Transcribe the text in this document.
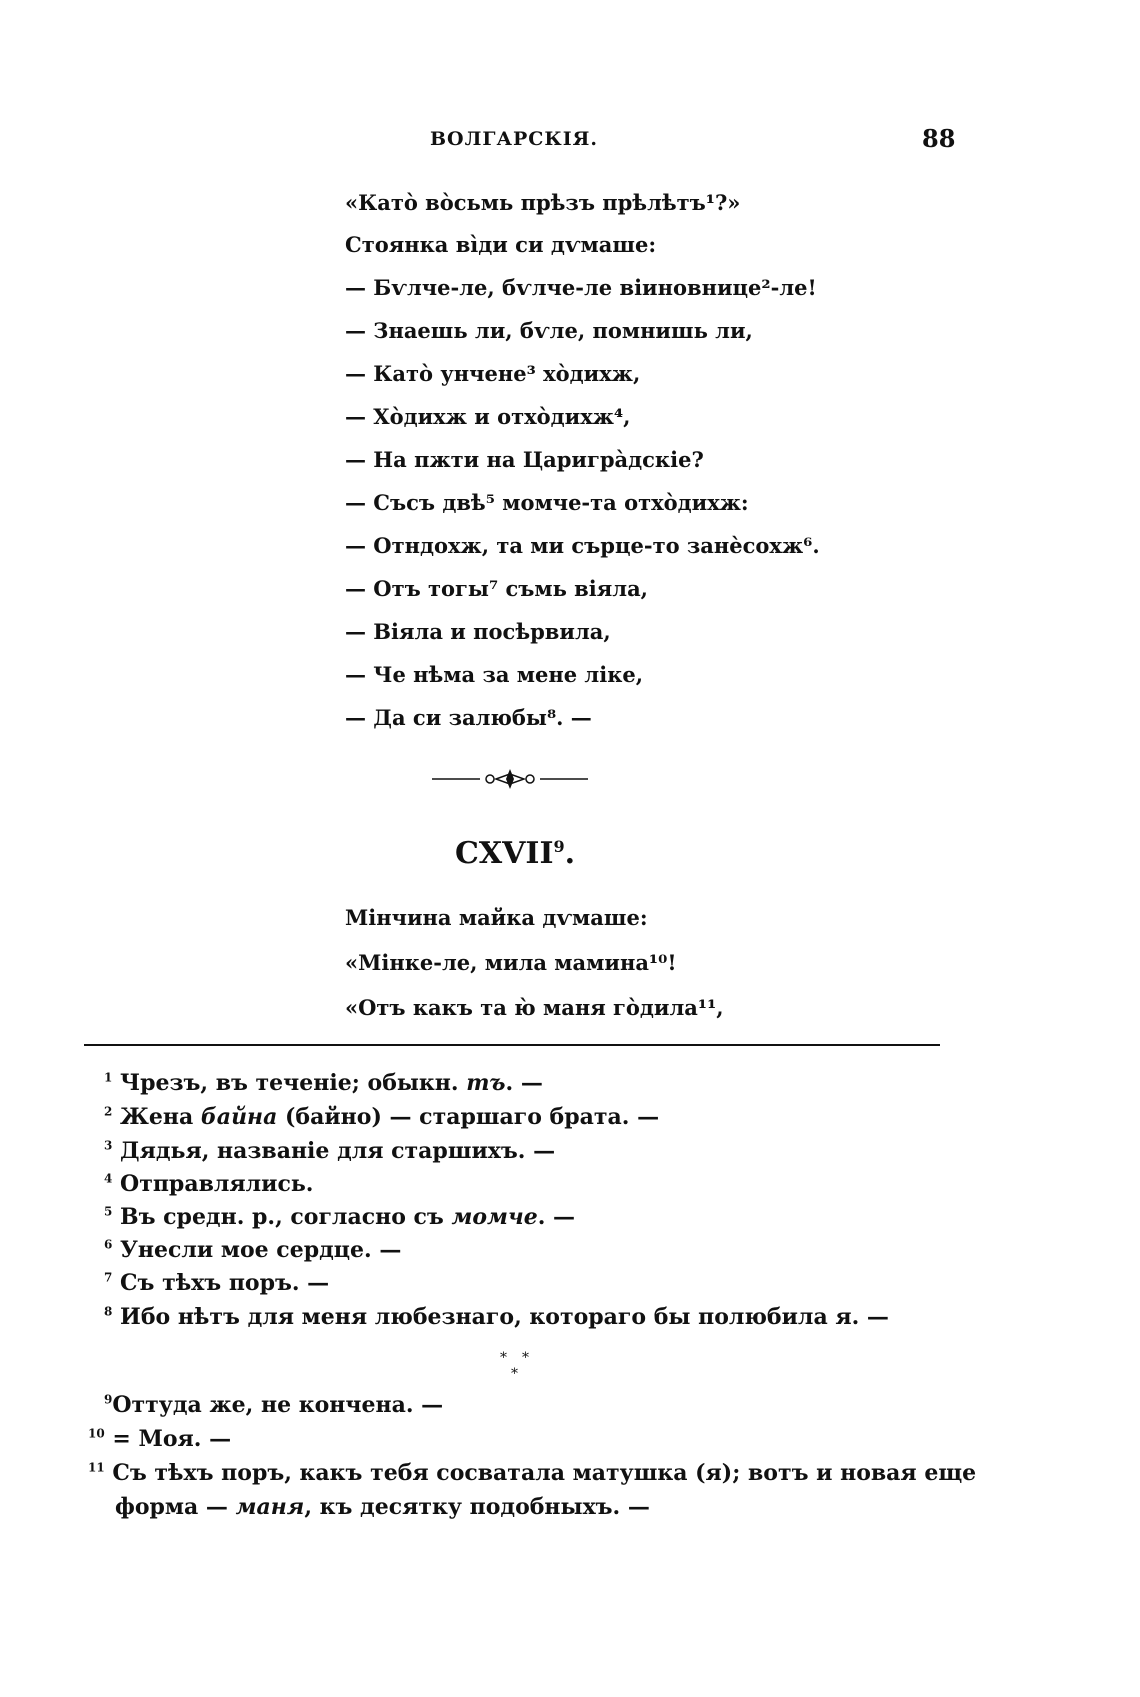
ВОЛГАРСКІЯ.	88
«Като̀ во̀сьмь прѣзъ прѣлѣтъ¹?»
Стоянка ві̀ди си дѵмаше:
— Бѵлче-ле, бѵлче-ле віиновнице²-ле!
— Знаешь ли, бѵле, помнишь ли,
— Като̀ унчене³ хо̀дихж,
— Хо̀дихж и отхо̀дихж⁴,
— На пжти на Царигра̀дскіе?
— Съсъ двѣ⁵ момче-та отхо̀дихж:
— Отндохж, та ми сърце-то занѐсохж⁶.
— Отъ тогы⁷ съмь віяла,
— Віяла и посѣрвила,
— Че нѣма за мене ліке,
— Да си залюбы⁸. —
CXVII$^9$.
Мінчина майка дѵмаше:
«Мінке-ле, мила мамина¹⁰!
«Отъ какъ та ю̀ маня го̀дила¹¹,
$^1$ Чрезъ, въ теченіе; обыкн. тъ. —
$^2$ Жена байна (байно) — старшаго брата. —
$^3$ Дядья, названіе для старшихъ. —
$^4$ Отправлялись.
$^5$ Въ средн. р., согласно съ момче. —
$^6$ Унесли мое сердце. —
$^7$ Съ тѣхъ поръ. —
$^8$ Ибо нѣтъ для меня любезнаго, котораго бы полюбила я. —
* *
*
$^9$Оттуда же, не кончена. —
$^{10}$ = Моя. —
$^{11}$ Съ тѣхъ поръ, какъ тебя сосватала матушка (я); вотъ и новая еще
форма — маня, къ десятку подобныхъ. —
